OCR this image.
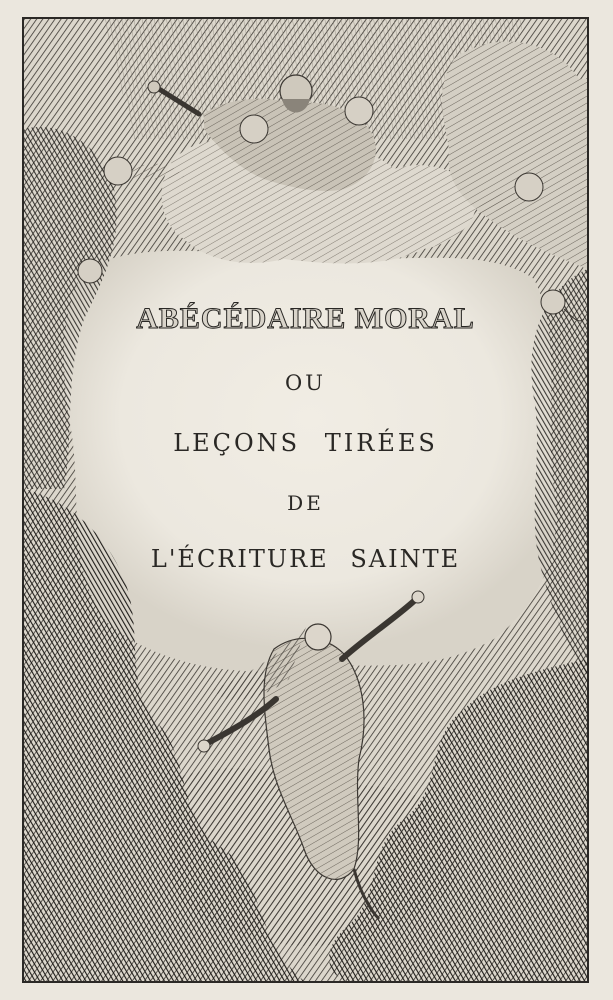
ABÉCÉDAIRE MORAL
OU
LEÇONS TIRÉES
DE
L'ÉCRITURE SAINTE
